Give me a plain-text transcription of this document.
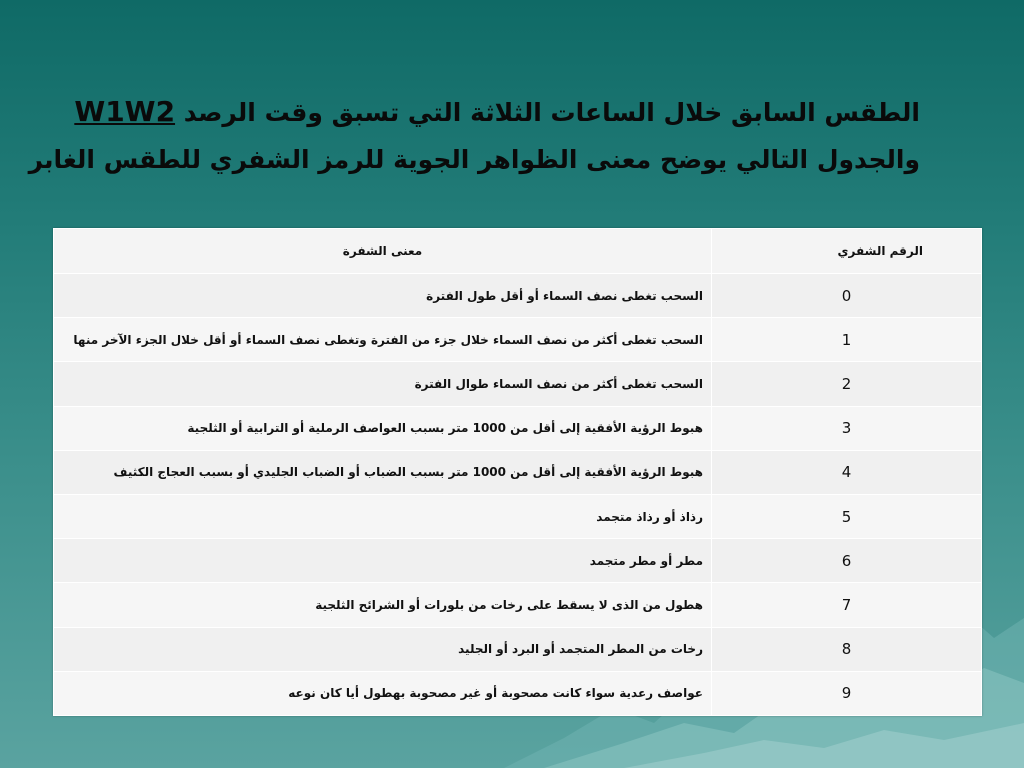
الطقس السابق خلال الساعات الثلاثة التي تسبق وقت الرصد W1W2
والجدول التالي يوضح معنى الظواهر الجوية للرمز الشفري للطقس الغابر
الرقم الشفري	معنى الشفرة
0	السحب تغطى نصف السماء أو أقل طول الفترة
1	السحب تغطى أكثر من نصف السماء خلال جزء من الفترة وتغطى نصف السماء أو أقل خلال الجزء الآخر منها
2	السحب تغطى أكثر من نصف السماء طوال الفترة
3	هبوط الرؤية الأفقية إلى أقل من 1000 متر بسبب العواصف الرملية أو الترابية أو الثلجية
4	هبوط الرؤية الأفقية إلى أقل من 1000 متر بسبب الضباب أو الضباب الجليدي أو بسبب العجاج الكثيف
5	رذاذ أو رذاذ متجمد
6	مطر أو مطر متجمد
7	هطول من الذى لا يسقط على رخات من بلورات أو الشرائح الثلجية
8	رخات من المطر المتجمد أو البرد أو الجليد
9	عواصف رعدية سواء كانت مصحوبة أو غير مصحوبة بهطول أيا كان نوعه
